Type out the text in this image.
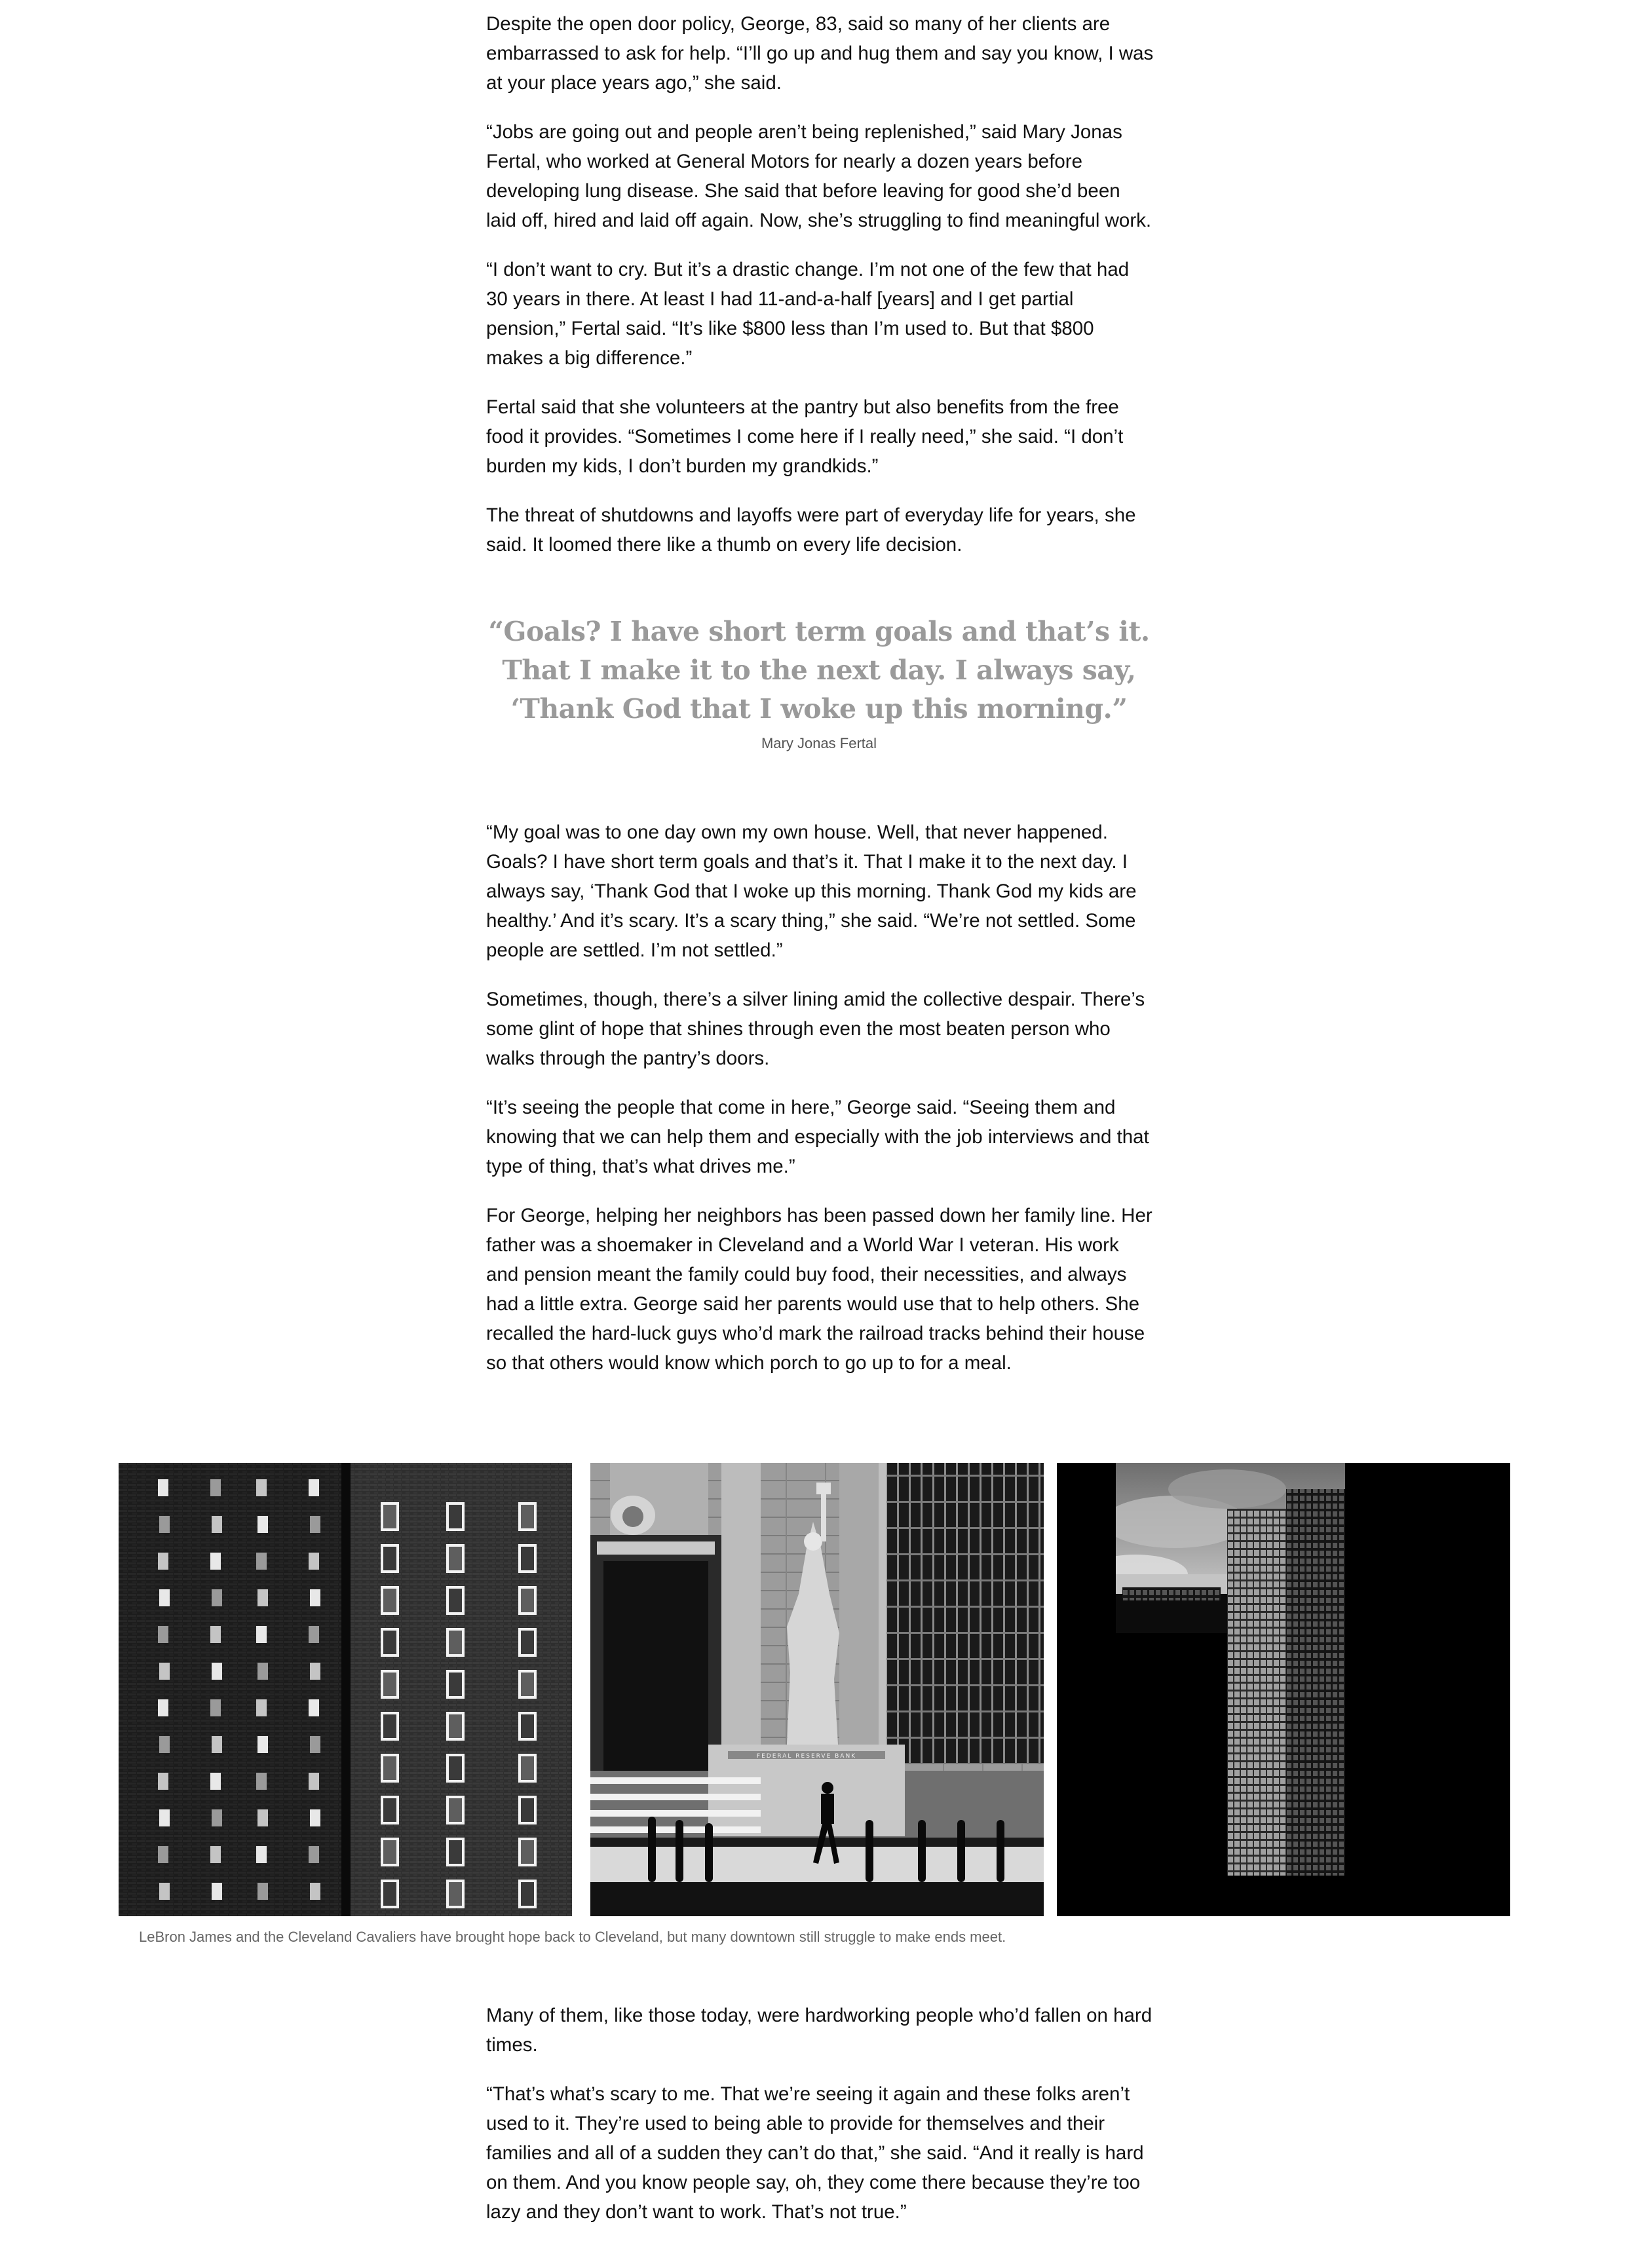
Despite the open door policy, George, 83, said so many of her clients are embarrassed to ask for help. “I’ll go up and hug them and say you know, I was at your place years ago,” she said.

“Jobs are going out and people aren’t being replenished,” said Mary Jonas Fertal, who worked at General Motors for nearly a dozen years before developing lung disease. She said that before leaving for good she’d been laid off, hired and laid off again. Now, she’s struggling to find meaningful work.

“I don’t want to cry. But it’s a drastic change. I’m not one of the few that had 30 years in there. At least I had 11-and-a-half [years] and I get partial pension,” Fertal said. “It’s like $800 less than I’m used to. But that $800 makes a big difference.”

Fertal said that she volunteers at the pantry but also benefits from the free food it provides. “Sometimes I come here if I really need,” she said. “I don’t burden my kids, I don’t burden my grandkids.”

The threat of shutdowns and layoffs were part of everyday life for years, she said. It loomed there like a thumb on every life decision.

“Goals? I have short term goals and that’s it. That I make it to the next day. I always say, ‘Thank God that I woke up this morning.”

Mary Jonas Fertal

“My goal was to one day own my own house. Well, that never happened. Goals? I have short term goals and that’s it. That I make it to the next day. I always say, ‘Thank God that I woke up this morning. Thank God my kids are healthy.’ And it’s scary. It’s a scary thing,” she said. “We’re not settled. Some people are settled. I’m not settled.”

Sometimes, though, there’s a silver lining amid the collective despair. There’s some glint of hope that shines through even the most beaten person who walks through the pantry’s doors.

“It’s seeing the people that come in here,” George said. “Seeing them and knowing that we can help them and especially with the job interviews and that type of thing, that’s what drives me.”

For George, helping her neighbors has been passed down her family line. Her father was a shoemaker in Cleveland and a World War I veteran. His work and pension meant the family could buy food, their necessities, and always had a little extra. George said her parents would use that to help others. She recalled the hard-luck guys who’d mark the railroad tracks behind their house so that others would know which porch to go up to for a meal.

FEDERAL RESERVE BANK
LeBron James and the Cleveland Cavaliers have brought hope back to Cleveland, but many downtown still struggle to make ends meet.

Many of them, like those today, were hardworking people who’d fallen on hard times.

“That’s what’s scary to me. That we’re seeing it again and these folks aren’t used to it. They’re used to being able to provide for themselves and their families and all of a sudden they can’t do that,” she said. “And it really is hard on them. And you know people say, oh, they come there because they’re too lazy and they don’t want to work. That’s not true.”
